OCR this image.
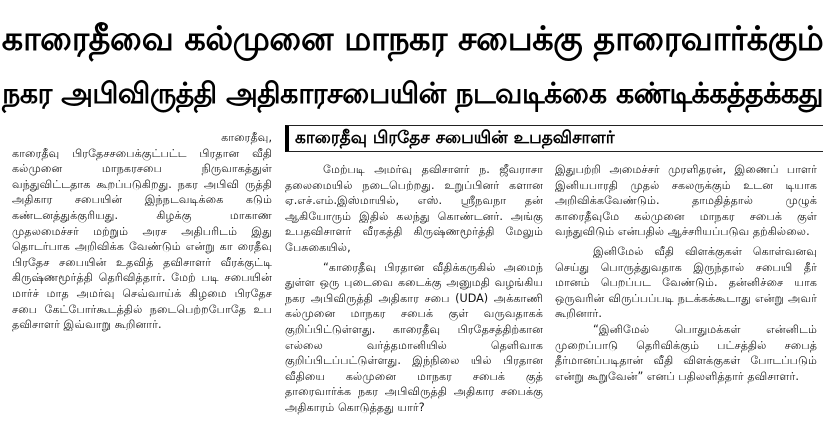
காரைதீவை கல்முனை மாநகர சபைக்கு தாரைவார்க்கும்
நகர அபிவிருத்தி அதிகாரசபையின் நடவடிக்கை கண்டிக்கத்தக்கது
காரைதீவு பிரதேச சபையின் உபதவிசாளர்

காரைதீவு,

காரைதீவு பிரதேசசபைக்குட்பட்ட பிரதான வீதி கல்முனை மாநகரசபை நிருவாகத்துள் வந்துவிட்டதாக கூறப்படுகிறது. நகர அபிவி ருத்தி அதிகார சபையின் இந்நடவடிக்கை கடும் கண்டனத்துக்குரியது. கிழக்கு மாகாண முதலமைச்சர் மற்றும் அரச அதிபரிடம் இது தொடர்பாக அறிவிக்க வேண்டும் என்று கா ரைதீவு பிரதேச சபையின் உதவித் தவிசாளர் வீரக்குட்டி கிருஷ்ணமூர்த்தி தெரிவித்தார். மேற் படி சபையின் மார்ச் மாத அமர்வு செவ்வாய்க் கிழமை பிரதேச சபை கேட்போர்கூடத்தில் நடைபெற்றபோதே உப தவிசாளர் இவ்வாறு கூறினார்.

மேற்படி அமர்வு தவிசாளர் ந. ஜீவராசா தலைமையில் நடைபெற்றது. உறுப்பினர் களான ஏ.எச்.எம்.இஸ்மாயில், எஸ். ஸ்ரீநவநா தன் ஆகியோரும் இதில் கலந்து கொண்டனர். அங்கு உபதவிசாளர் வீரகத்தி கிருஷ்ணமூர்த்தி மேலும் பேசுகையில்,

“காரைதீவு பிரதான வீதிக்கருகில் அமைந் துள்ள ஒரு புடைவை கடைக்கு அனுமதி வழங்கிய நகர அபிவிருத்தி அதிகார சபை (UDA) அக்காணி கல்முனை மாநகர சபைக் குள் வருவதாகக் குறிப்பிட்டுள்ளது. காரைதீவு பிரதேசத்திற்கான எல்லை வர்த்தமானியில் தெளிவாக குறிப்பிடப்பட்டுள்ளது. இந்நிலை யில் பிரதான வீதியை கல்முனை மாநகர சபைக் குத் தாரைவார்க்க நகர அபிவிருத்தி அதிகார சபைக்கு அதிகாரம் கொடுத்தது யார்?

இதுபற்றி அமைச்சர் முரளிதரன், இணைப் பாளர் இனியபாரதி முதல் சகலருக்கும் உடன டியாக அறிவிக்கவேண்டும். தாமதித்தால் முழுக் காரைதீவுமே கல்முனை மாநகர சபைக் குள் வந்துவிடும் என்பதில் ஆச்சரியப்படுவ தற்கில்லை.

இனிமேல் வீதி விளக்குகள் கொள்வனவு செய்து பொருத்துவதாக இருந்தால் சபையி தீர் மானம் பெறப்பட வேண்டும். தன்னிச்சை யாக ஒருவரின் விருப்பப்படி நடக்கக்கூடாது என்று அவர் கூறினார்.

“இனிமேல் பொதுமக்கள் என்னிடம் முறைப்பாடு தெரிவிக்கும் பட்சத்தில் சபைத் தீர்மானப்படிதான் வீதி விளக்குகள் போடப்படும் என்று கூறுவேன்” எனப் பதிலளித்தார் தவிசாளர்.
